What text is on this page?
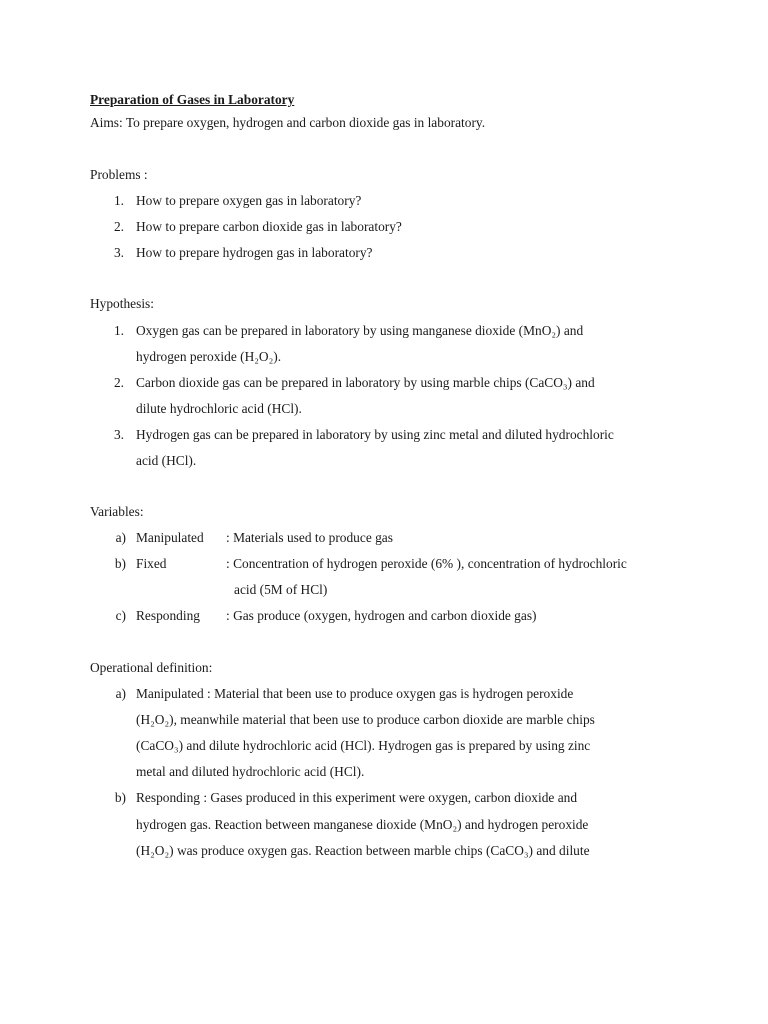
Preparation of Gases in Laboratory
Aims: To prepare oxygen, hydrogen and carbon dioxide gas in laboratory.
Problems :
1. How to prepare oxygen gas in laboratory?
2. How to prepare carbon dioxide gas in laboratory?
3. How to prepare hydrogen gas in laboratory?
Hypothesis:
1. Oxygen gas can be prepared in laboratory by using manganese dioxide (MnO₂) and
hydrogen peroxide (H₂O₂).
2. Carbon dioxide gas can be prepared in laboratory by using marble chips (CaCO₃) and
dilute hydrochloric acid (HCl).
3. Hydrogen gas can be prepared in laboratory by using zinc metal and diluted hydrochloric
acid (HCl).
Variables:
a) Manipulated : Materials used to produce gas
b) Fixed	: Concentration of hydrogen peroxide (6% ), concentration of hydrochloric
acid (5M of HCl)
c) Responding : Gas produce (oxygen, hydrogen and carbon dioxide gas)
Operational definition:
a) Manipulated : Material that been use to produce oxygen gas is hydrogen peroxide
(H₂O₂), meanwhile material that been use to produce carbon dioxide are marble chips
(CaCO₃) and dilute hydrochloric acid (HCl). Hydrogen gas is prepared by using zinc
metal and diluted hydrochloric acid (HCl).
b) Responding : Gases produced in this experiment were oxygen, carbon dioxide and
hydrogen gas. Reaction between manganese dioxide (MnO₂) and hydrogen peroxide
(H₂O₂) was produce oxygen gas. Reaction between marble chips (CaCO₃) and dilute
